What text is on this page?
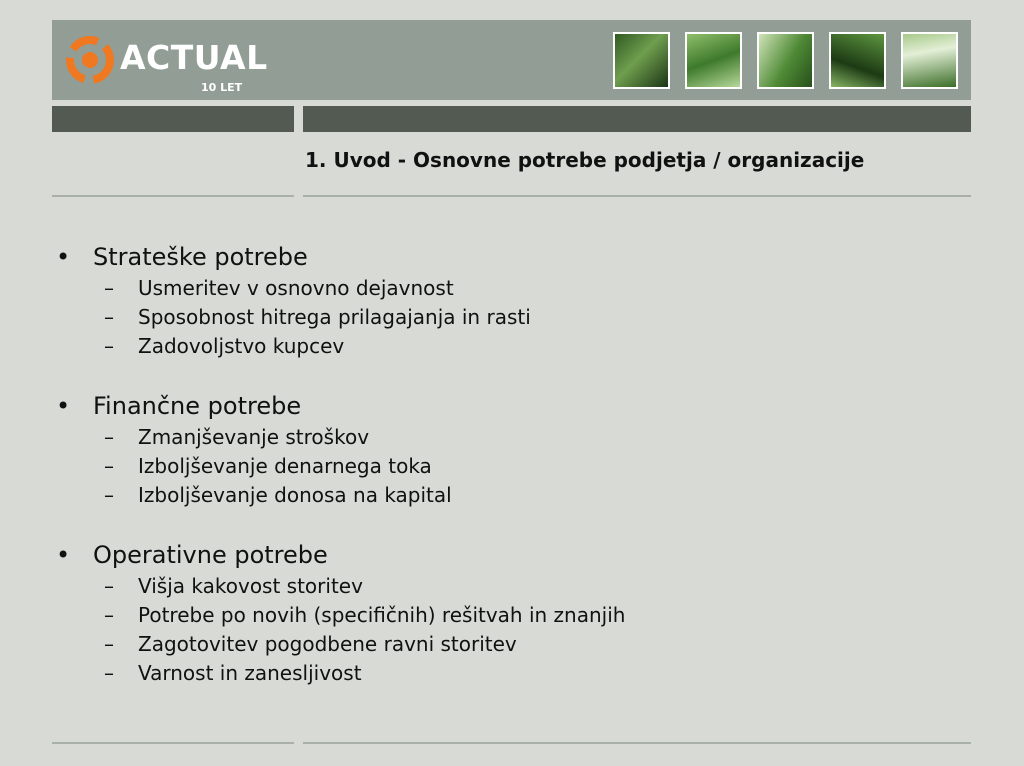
ACTUAL
10 LET
1. Uvod - Osnovne potrebe podjetja / organizacije
• Strateške potrebe
–	Usmeritev v osnovno dejavnost
–	Sposobnost hitrega prilagajanja in rasti
–	Zadovoljstvo kupcev
• Finančne potrebe
–	Zmanjševanje stroškov
–	Izboljševanje denarnega toka
–	Izboljševanje donosa na kapital
• Operativne potrebe
–	Višja kakovost storitev
–	Potrebe po novih (specifičnih) rešitvah in znanjih
–	Zagotovitev pogodbene ravni storitev
–	Varnost in zanesljivost
